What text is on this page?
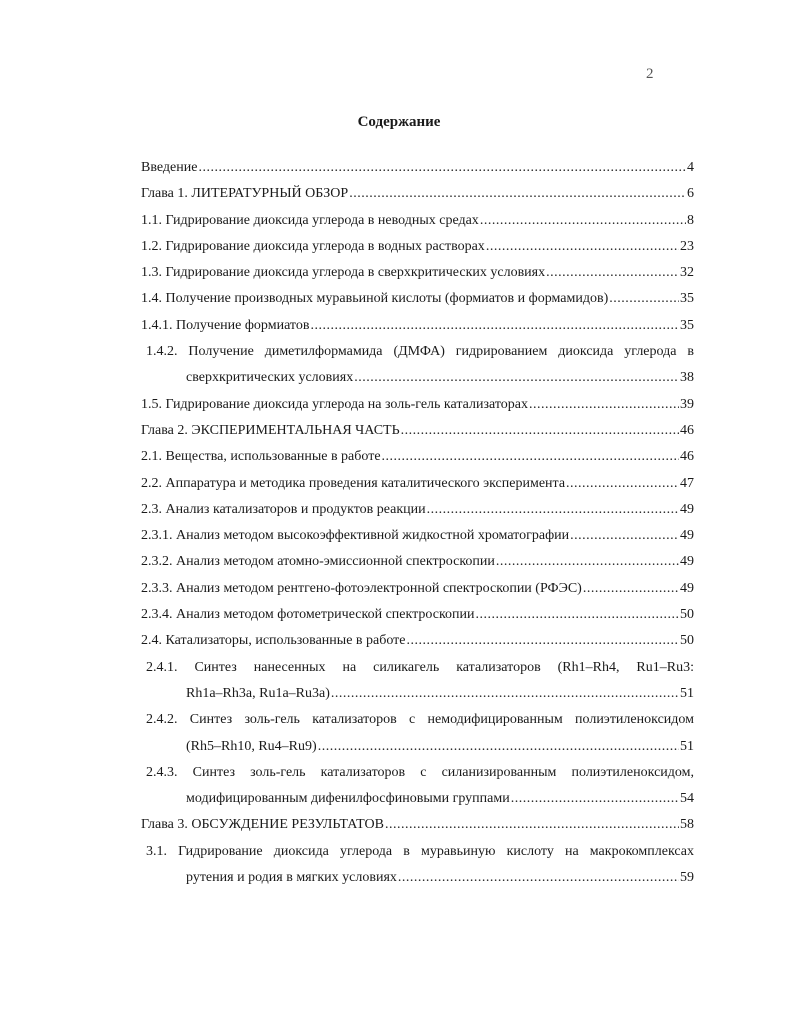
2
Содержание
Введение .....	4
Глава 1. ЛИТЕРАТУРНЫЙ ОБЗОР .....	6
1.1. Гидрирование диоксида углерода в неводных средах .....	8
1.2. Гидрирование диоксида углерода в водных растворах .....	23
1.3. Гидрирование диоксида углерода в сверхкритических условиях .....	32
1.4. Получение производных муравьиной кислоты (формиатов и формамидов) .....	35
1.4.1. Получение формиатов .....	35
1.4.2. Получение диметилформамида (ДМФА) гидрированием диоксида углерода в
сверхкритических условиях .....	38
1.5. Гидрирование диоксида углерода на золь-гель катализаторах .....	39
Глава 2. ЭКСПЕРИМЕНТАЛЬНАЯ ЧАСТЬ .....	46
2.1. Вещества, использованные в работе .....	46
2.2. Аппаратура и методика проведения каталитического эксперимента .....	47
2.3. Анализ катализаторов и продуктов реакции .....	49
2.3.1. Анализ методом высокоэффективной жидкостной хроматографии .....	49
2.3.2. Анализ методом атомно-эмиссионной спектроскопии .....	49
2.3.3. Анализ методом рентгено-фотоэлектронной спектроскопии (РФЭС) .....	49
2.3.4. Анализ методом фотометрической спектроскопии .....	50
2.4. Катализаторы, использованные в работе .....	50
2.4.1. Синтез нанесенных на силикагель катализаторов (Rh1–Rh4, Ru1–Ru3:
Rh1a–Rh3a, Ru1a–Ru3a) .....	51
2.4.2. Синтез золь-гель катализаторов с немодифицированным полиэтиленоксидом
(Rh5–Rh10, Ru4–Ru9) .....	51
2.4.3. Синтез золь-гель катализаторов с силанизированным полиэтиленоксидом,
модифицированным дифенилфосфиновыми группами .....	54
Глава 3. ОБСУЖДЕНИЕ РЕЗУЛЬТАТОВ .....	58
3.1. Гидрирование диоксида углерода в муравьиную кислоту на макрокомплексах
рутения и родия в мягких условиях .....	59
